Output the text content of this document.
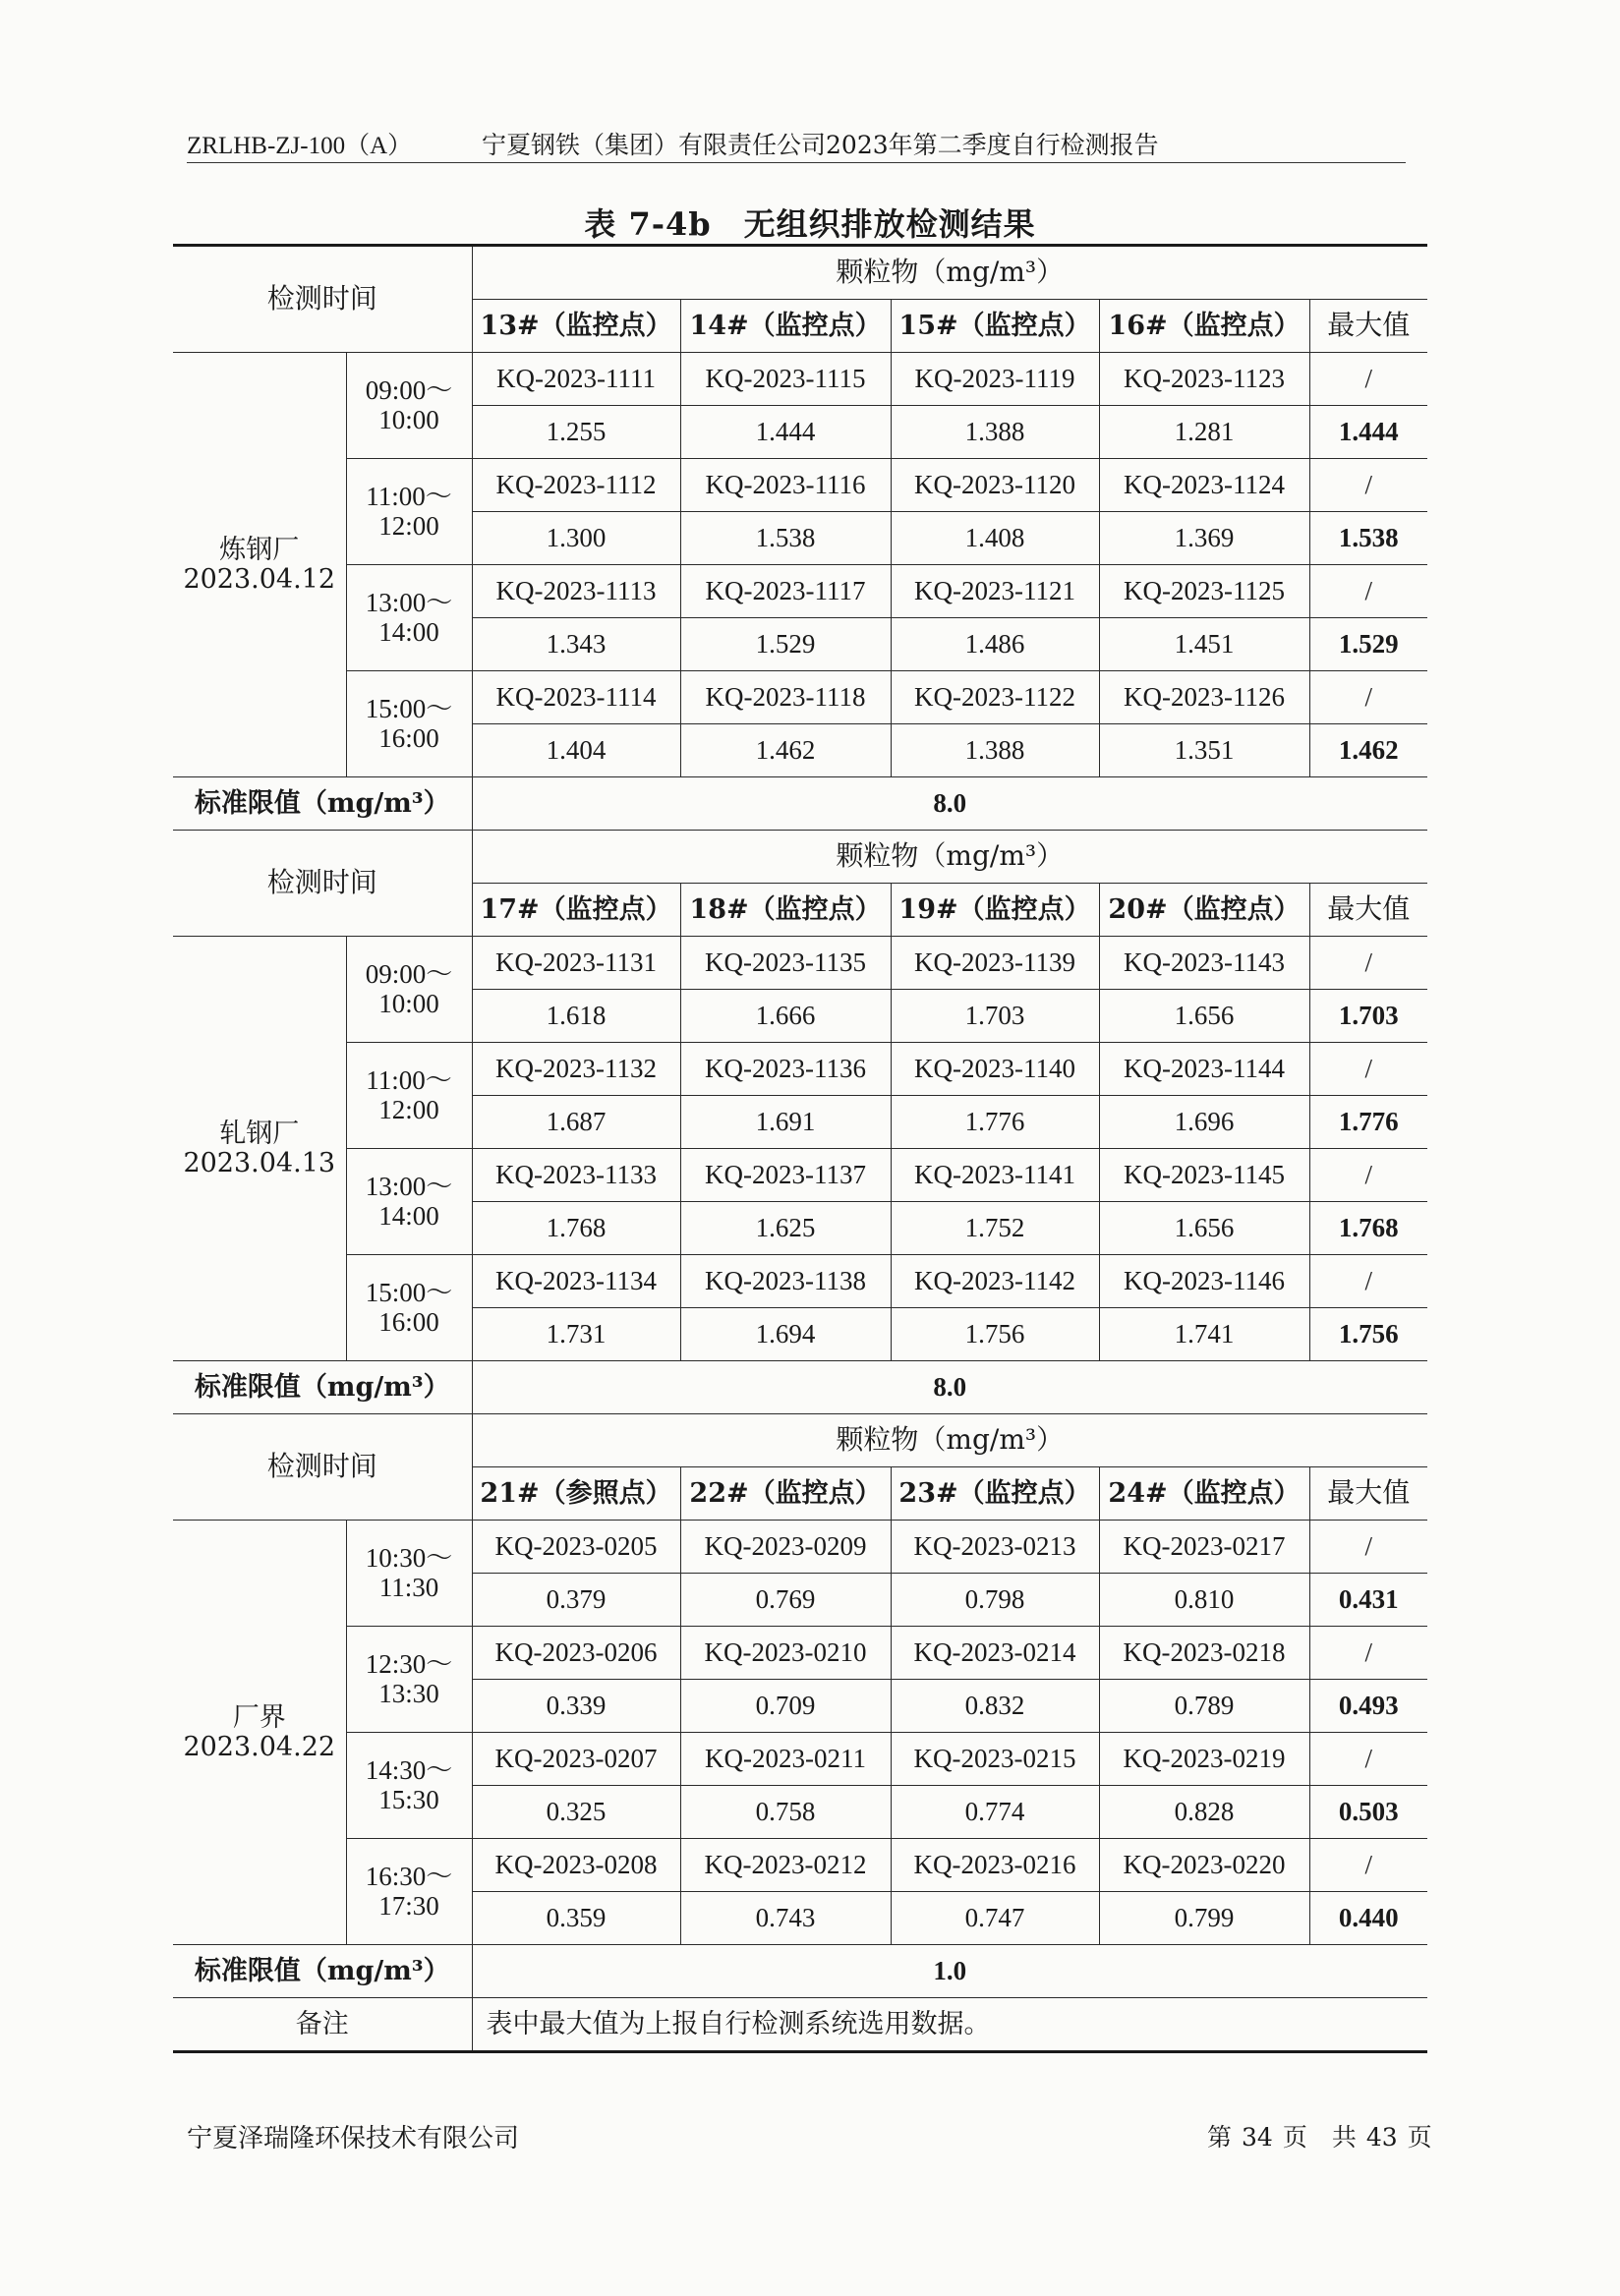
ZRLHB-ZJ-100（A）	宁夏钢铁（集团）有限责任公司2023年第二季度自行检测报告
表 7-4b　无组织排放检测结果
检测时间		颗粒物（mg/m³）				
		13#（监控点）	14#（监控点）	15#（监控点）	16#（监控点）	最大值
炼钢厂
2023.04.12	09:00～
10:00	KQ-2023-1111	KQ-2023-1115	KQ-2023-1119	KQ-2023-1123	/
		1.255	1.444	1.388	1.281	1.444
	11:00～
12:00	KQ-2023-1112	KQ-2023-1116	KQ-2023-1120	KQ-2023-1124	/
		1.300	1.538	1.408	1.369	1.538
	13:00～
14:00	KQ-2023-1113	KQ-2023-1117	KQ-2023-1121	KQ-2023-1125	/
		1.343	1.529	1.486	1.451	1.529
	15:00～
16:00	KQ-2023-1114	KQ-2023-1118	KQ-2023-1122	KQ-2023-1126	/
		1.404	1.462	1.388	1.351	1.462
标准限值（mg/m³）		8.0				
检测时间		颗粒物（mg/m³）				
		17#（监控点）	18#（监控点）	19#（监控点）	20#（监控点）	最大值
轧钢厂
2023.04.13	09:00～
10:00	KQ-2023-1131	KQ-2023-1135	KQ-2023-1139	KQ-2023-1143	/
		1.618	1.666	1.703	1.656	1.703
	11:00～
12:00	KQ-2023-1132	KQ-2023-1136	KQ-2023-1140	KQ-2023-1144	/
		1.687	1.691	1.776	1.696	1.776
	13:00～
14:00	KQ-2023-1133	KQ-2023-1137	KQ-2023-1141	KQ-2023-1145	/
		1.768	1.625	1.752	1.656	1.768
	15:00～
16:00	KQ-2023-1134	KQ-2023-1138	KQ-2023-1142	KQ-2023-1146	/
		1.731	1.694	1.756	1.741	1.756
标准限值（mg/m³）		8.0				
检测时间		颗粒物（mg/m³）				
		21#（参照点）	22#（监控点）	23#（监控点）	24#（监控点）	最大值
厂界
2023.04.22	10:30～
11:30	KQ-2023-0205	KQ-2023-0209	KQ-2023-0213	KQ-2023-0217	/
		0.379	0.769	0.798	0.810	0.431
	12:30～
13:30	KQ-2023-0206	KQ-2023-0210	KQ-2023-0214	KQ-2023-0218	/
		0.339	0.709	0.832	0.789	0.493
	14:30～
15:30	KQ-2023-0207	KQ-2023-0211	KQ-2023-0215	KQ-2023-0219	/
		0.325	0.758	0.774	0.828	0.503
	16:30～
17:30	KQ-2023-0208	KQ-2023-0212	KQ-2023-0216	KQ-2023-0220	/
		0.359	0.743	0.747	0.799	0.440
标准限值（mg/m³）		1.0				
备注		表中最大值为上报自行检测系统选用数据。				
宁夏泽瑞隆环保技术有限公司	第 34 页　共 43 页
